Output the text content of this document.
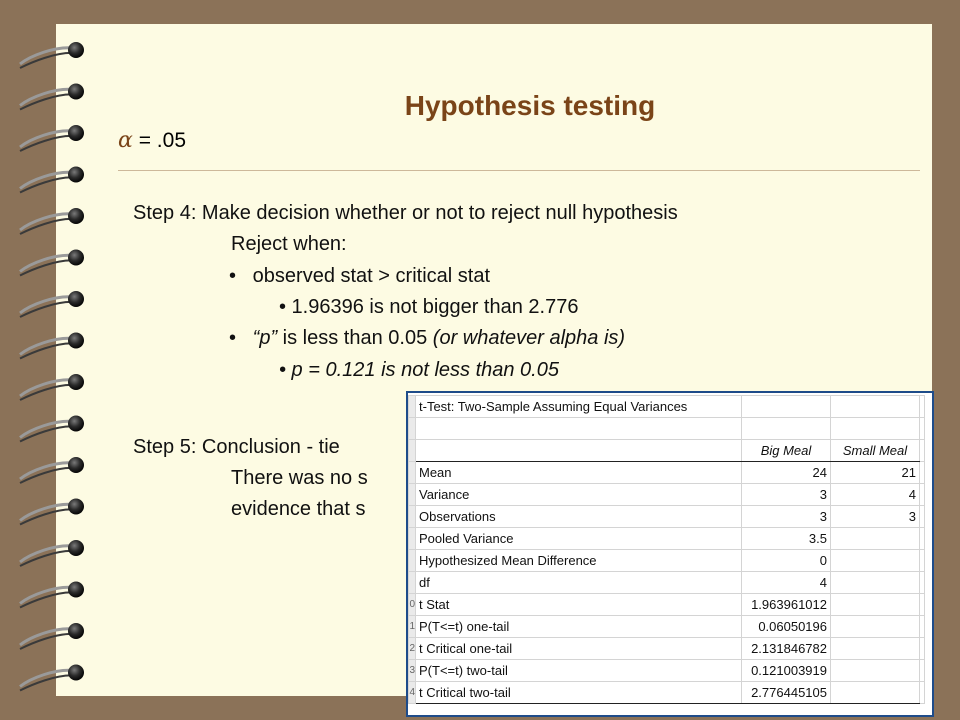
Hypothesis testing
α = .05
Step 4: Make decision whether or not to reject null hypothesis
Reject when:
•   observed stat > critical stat
• 1.96396 is not bigger than 2.776
•   “p” is less than 0.05 (or whatever alpha is)
• p = 0.121 is not less than 0.05
Step 5: Conclusion - tie
There was no s
evidence that s
	t-Test: Two-Sample Assuming Equal Variances			

		Big Meal	Small Meal	
	Mean	24	21	
	Variance	3	4	
	Observations	3	3	
	Pooled Variance	3.5		
	Hypothesized Mean Difference	0		
	df	4		
0	t Stat	1.963961012		
1	P(T<=t) one-tail	0.06050196		
2	t Critical one-tail	2.131846782		
3	P(T<=t) two-tail	0.121003919		
4	t Critical two-tail	2.776445105		
